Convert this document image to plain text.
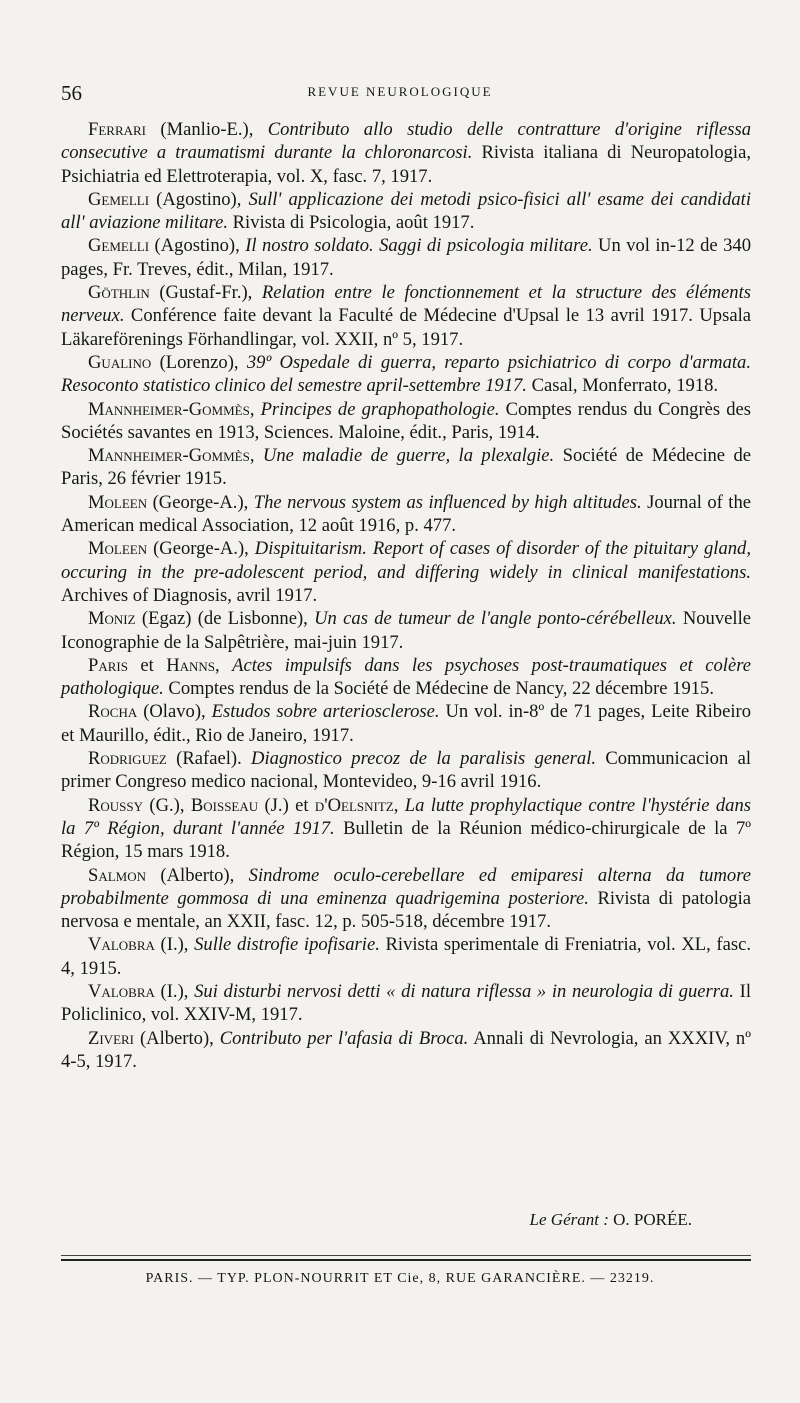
56	REVUE NEUROLOGIQUE

Ferrari (Manlio-E.), Contributo allo studio delle contratture d'origine riflessa consecutive a traumatismi durante la chloronarcosi. Rivista italiana di Neuropatologia, Psichiatria ed Elettroterapia, vol. X, fasc. 7, 1917.

Gemelli (Agostino), Sull' applicazione dei metodi psico-fisici all' esame dei candidati all' aviazione militare. Rivista di Psicologia, août 1917.

Gemelli (Agostino), Il nostro soldato. Saggi di psicologia militare. Un vol in-12 de 340 pages, Fr. Treves, édit., Milan, 1917.

Göthlin (Gustaf-Fr.), Relation entre le fonctionnement et la structure des éléments nerveux. Conférence faite devant la Faculté de Médecine d'Upsal le 13 avril 1917. Upsala Läkareförenings Förhandlingar, vol. XXII, nº 5, 1917.

Gualino (Lorenzo), 39º Ospedale di guerra, reparto psichiatrico di corpo d'armata. Resoconto statistico clinico del semestre april-settembre 1917. Casal, Monferrato, 1918.

Mannheimer-Gommès, Principes de graphopathologie. Comptes rendus du Congrès des Sociétés savantes en 1913, Sciences. Maloine, édit., Paris, 1914.

Mannheimer-Gommès, Une maladie de guerre, la plexalgie. Société de Médecine de Paris, 26 février 1915.

Moleen (George-A.), The nervous system as influenced by high altitudes. Journal of the American medical Association, 12 août 1916, p. 477.

Moleen (George-A.), Dispituitarism. Report of cases of disorder of the pituitary gland, occuring in the pre-adolescent period, and differing widely in clinical manifestations. Archives of Diagnosis, avril 1917.

Moniz (Egaz) (de Lisbonne), Un cas de tumeur de l'angle ponto-cérébelleux. Nouvelle Iconographie de la Salpêtrière, mai-juin 1917.

Paris et Hanns, Actes impulsifs dans les psychoses post-traumatiques et colère pathologique. Comptes rendus de la Société de Médecine de Nancy, 22 décembre 1915.

Rocha (Olavo), Estudos sobre arteriosclerose. Un vol. in-8º de 71 pages, Leite Ribeiro et Maurillo, édit., Rio de Janeiro, 1917.

Rodriguez (Rafael). Diagnostico precoz de la paralisis general. Communicacion al primer Congreso medico nacional, Montevideo, 9-16 avril 1916.

Roussy (G.), Boisseau (J.) et d'Oelsnitz, La lutte prophylactique contre l'hystérie dans la 7º Région, durant l'année 1917. Bulletin de la Réunion médico-chirurgicale de la 7º Région, 15 mars 1918.

Salmon (Alberto), Sindrome oculo-cerebellare ed emiparesi alterna da tumore probabilmente gommosa di una eminenza quadrigemina posteriore. Rivista di patologia nervosa e mentale, an XXII, fasc. 12, p. 505-518, décembre 1917.

Valobra (I.), Sulle distrofie ipofisarie. Rivista sperimentale di Freniatria, vol. XL, fasc. 4, 1915.

Valobra (I.), Sui disturbi nervosi detti « di natura riflessa » in neurologia di guerra. Il Policlinico, vol. XXIV-M, 1917.

Ziveri (Alberto), Contributo per l'afasia di Broca. Annali di Nevrologia, an XXXIV, nº 4-5, 1917.

Le Gérant : O. PORÉE.
PARIS. — TYP. PLON-NOURRIT ET Cie, 8, RUE GARANCIÈRE. — 23219.
